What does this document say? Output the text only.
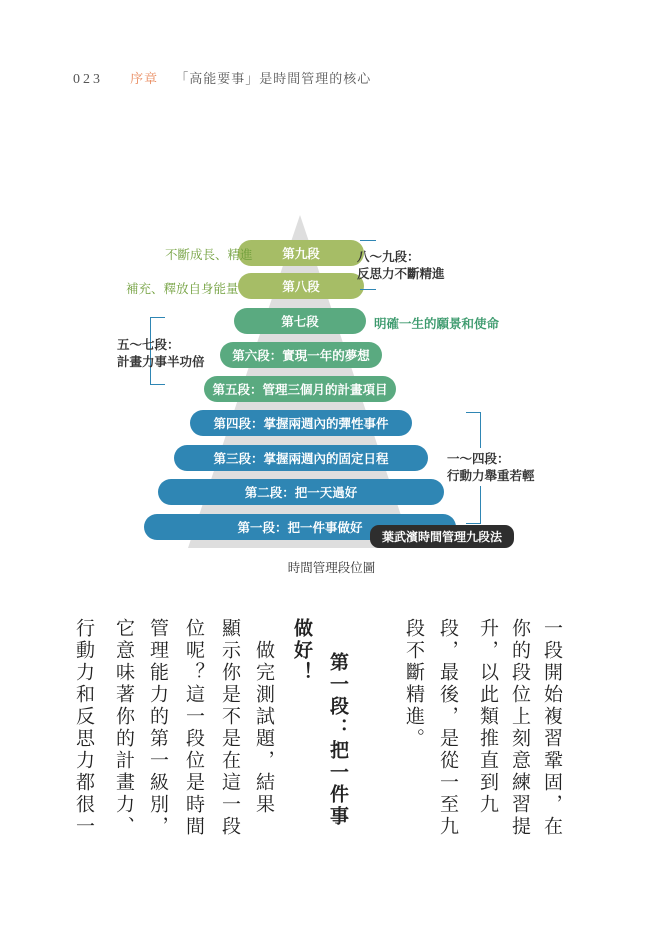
023 序章 「高能要事」是時間管理的核心
第九段
第八段
第七段
第六段：實現一年的夢想
第五段：管理三個月的計畫項目
第四段：掌握兩週內的彈性事件
第三段：掌握兩週內的固定日程
第二段：把一天過好
第一段：把一件事做好
不斷成長、精進
補充、釋放自身能量
明確一生的願景和使命
八～九段：
反思力不斷精進
五～七段：
計畫力事半功倍
一～四段：
行動力舉重若輕
葉武濱時間管理九段法
時間管理段位圖
一段開始複習鞏固，在
你的段位上刻意練習提
升，以此類推直到九
段，最後，是從一至九
段不斷精進。
第一段：把一件事
做好！
　做完測試題，結果
顯示你是不是在這一段
位呢？這一段位是時間
管理能力的第一級別，
它意味著你的計畫力、
行動力和反思力都很一
